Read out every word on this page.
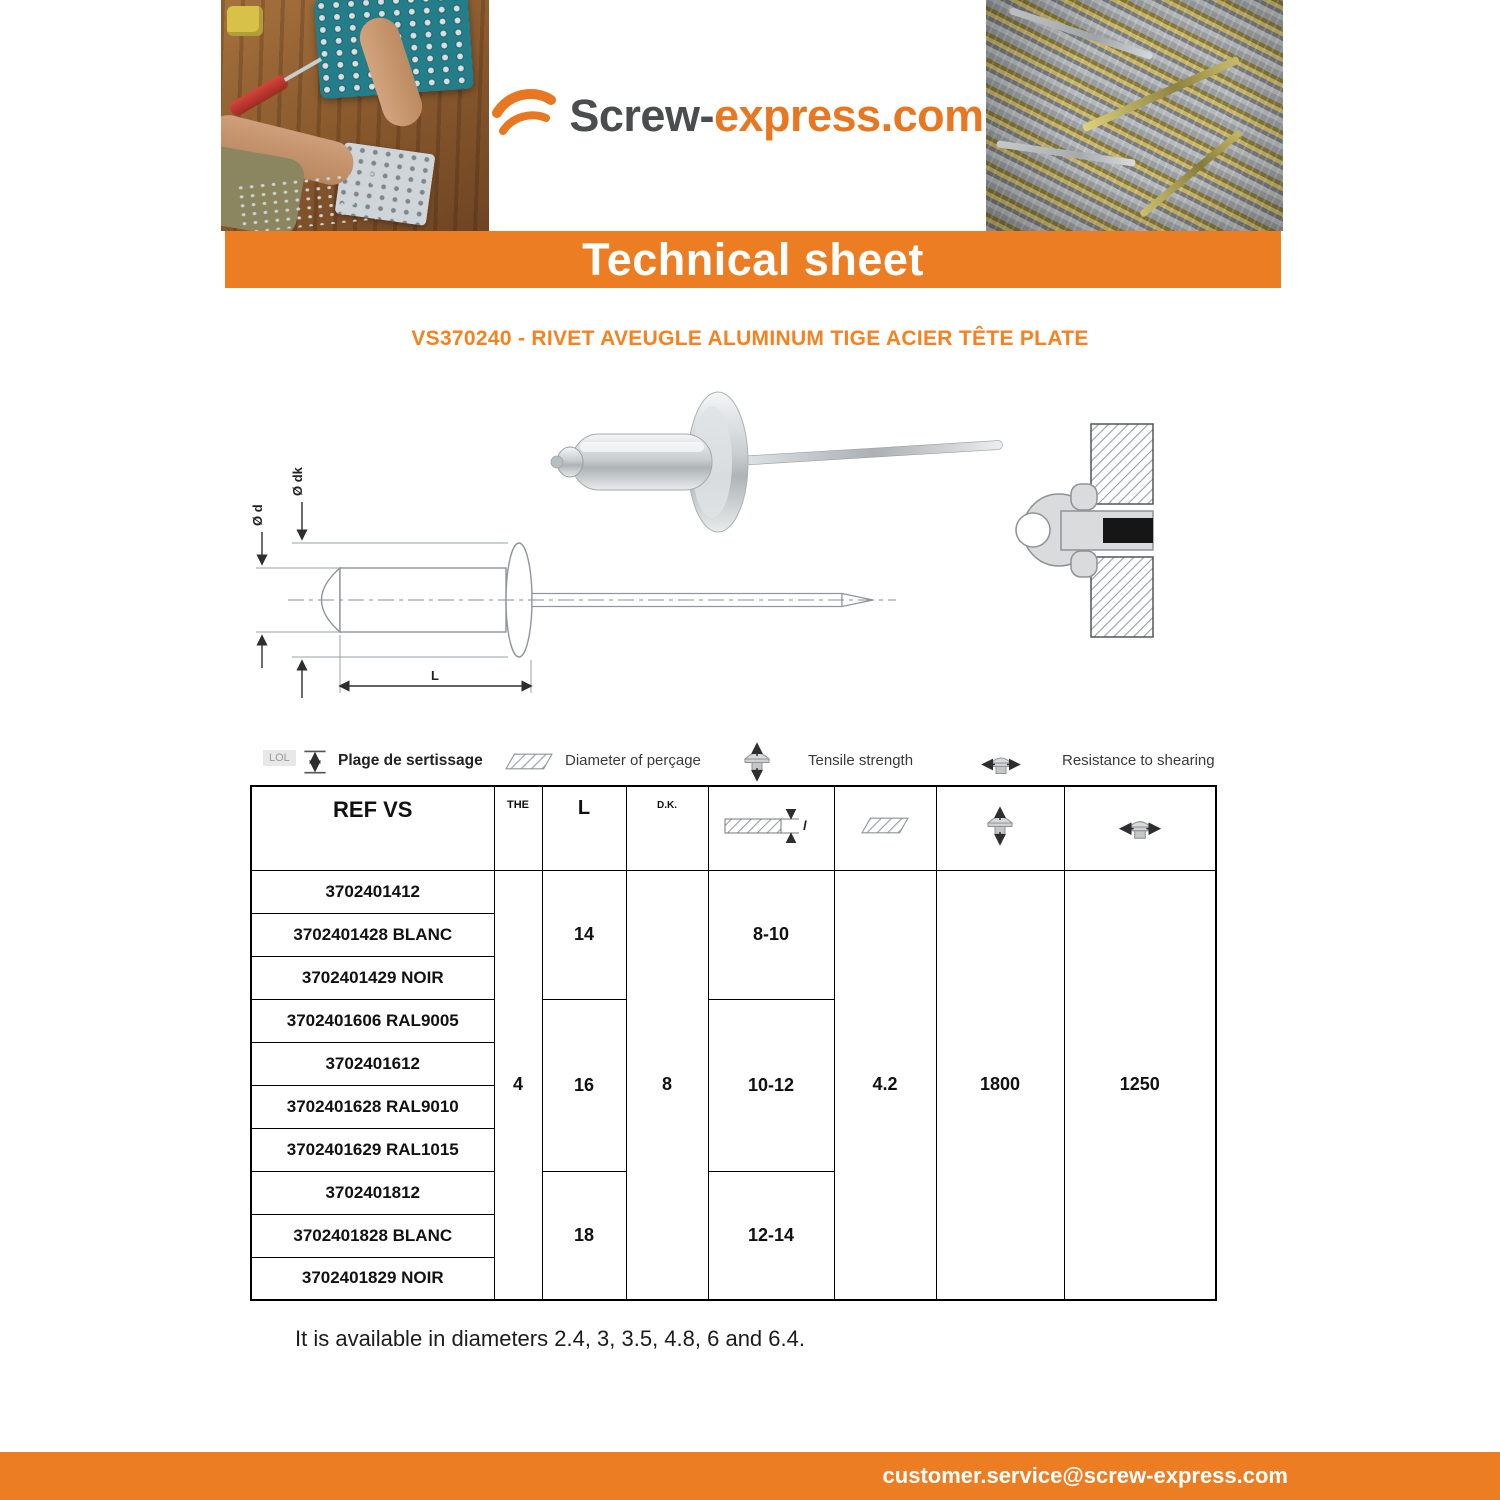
Screw-express.com
Technical sheet
VS370240 - RIVET AVEUGLE ALUMINUM TIGE ACIER TÊTE PLATE
Ø dk
Ø d
L
LOL	Plage de sertissage	Diameter of perçage	Tensile strength	Resistance to shearing
REF VS	THE	L	D.K.	l

3702401412	4	14	8	8-10	4.2	1800	1250
3702401428 BLANC							
3702401429 NOIR							
3702401606 RAL9005		16		10-12			
3702401612							
3702401628 RAL9010							
3702401629 RAL1015							
3702401812		18		12-14			
3702401828 BLANC							
3702401829 NOIR							
It is available in diameters 2.4, 3, 3.5, 4.8, 6 and 6.4.
customer.service@screw-express.com
